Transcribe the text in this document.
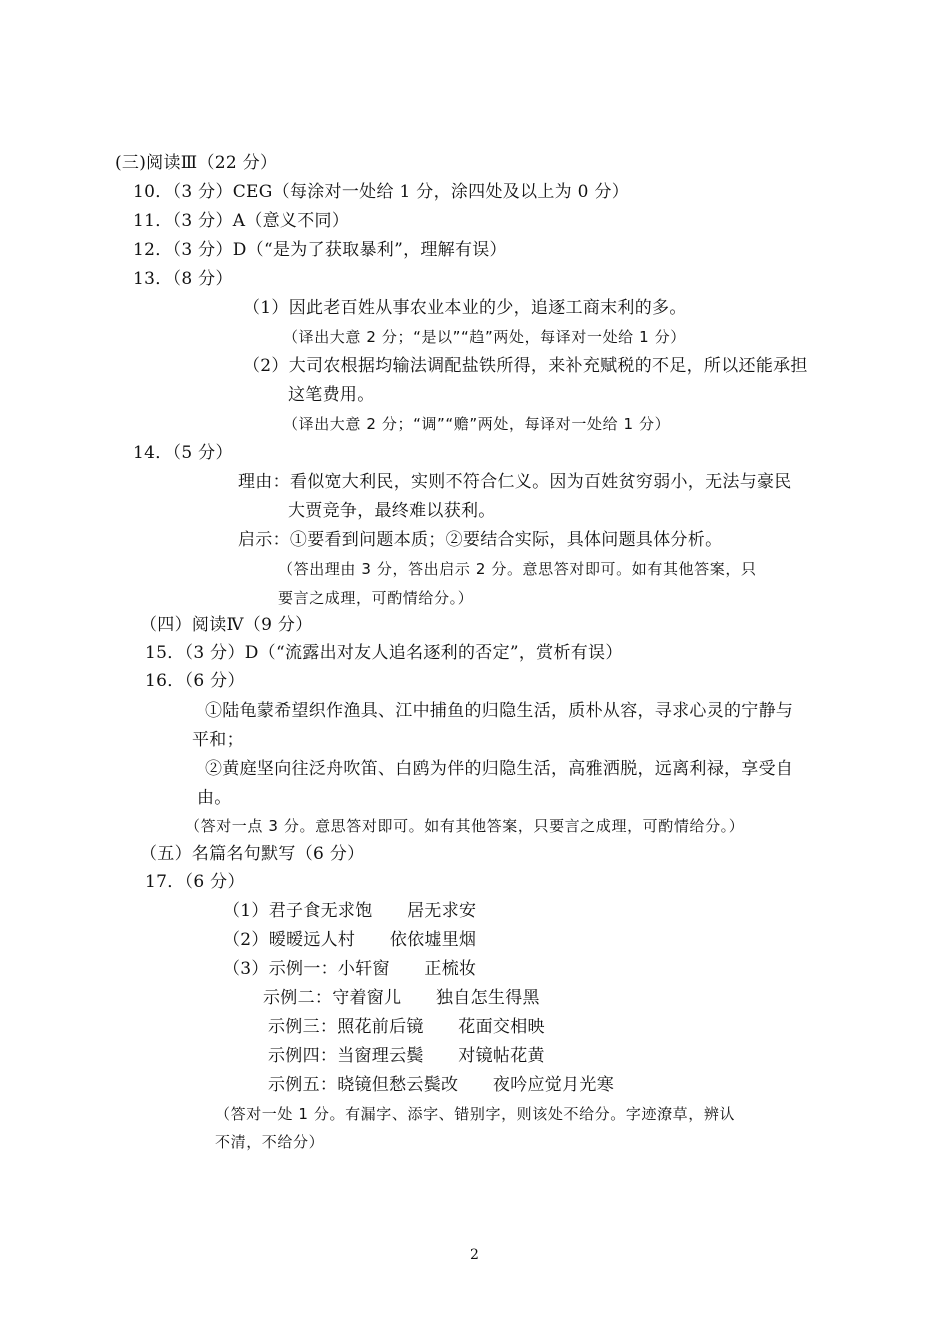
(三)阅读Ⅲ（22 分）
10．（3 分）CEG（每涂对一处给 1 分，涂四处及以上为 0 分）
11．（3 分）A（意义不同）
12．（3 分）D（“是为了获取暴利”，理解有误）
13．（8 分）
（1）因此老百姓从事农业本业的少，追逐工商末利的多。
（译出大意 2 分；“是以”“趋”两处，每译对一处给 1 分）
（2）大司农根据均输法调配盐铁所得，来补充赋税的不足，所以还能承担
这笔费用。
（译出大意 2 分；“调”“赡”两处，每译对一处给 1 分）
14．（5 分）
理由：看似宽大利民，实则不符合仁义。因为百姓贫穷弱小，无法与豪民
大贾竞争，最终难以获利。
启示：①要看到问题本质；②要结合实际，具体问题具体分析。
（答出理由 3 分，答出启示 2 分。意思答对即可。如有其他答案，只
要言之成理，可酌情给分。）
（四）阅读Ⅳ（9 分）
15．（3 分）D（“流露出对友人追名逐利的否定”，赏析有误）
16．（6 分）
①陆龟蒙希望织作渔具、江中捕鱼的归隐生活，质朴从容，寻求心灵的宁静与
平和；
②黄庭坚向往泛舟吹笛、白鸥为伴的归隐生活，高雅洒脱，远离利禄，享受自
由。
（答对一点 3 分。意思答对即可。如有其他答案，只要言之成理，可酌情给分。）
（五）名篇名句默写（6 分）
17．（6 分）
（1）君子食无求饱　　居无求安
（2）暧暧远人村　　依依墟里烟
（3）示例一：小轩窗　　正梳妆
示例二：守着窗儿　　独自怎生得黑
示例三：照花前后镜　　花面交相映
示例四：当窗理云鬓　　对镜帖花黄
示例五：晓镜但愁云鬓改　　夜吟应觉月光寒
（答对一处 1 分。有漏字、添字、错别字，则该处不给分。字迹潦草，辨认
不清，不给分）
2
